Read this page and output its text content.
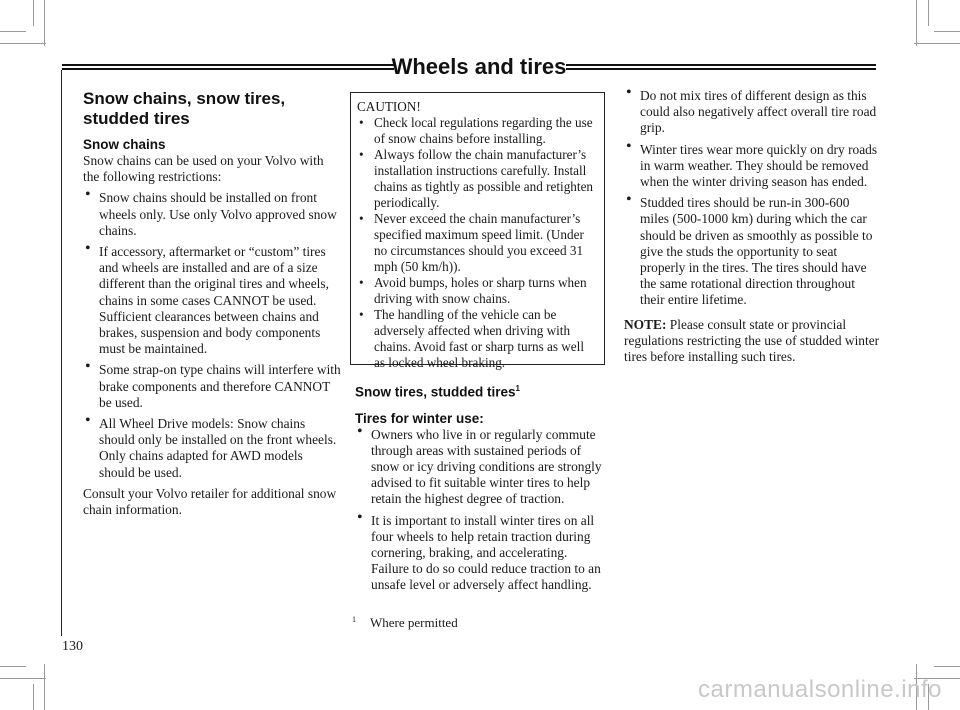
Wheels and tires
Snow chains, snow tires, studded tires
Snow chains

Snow chains can be used on your Volvo with the following restrictions:

• Snow chains should be installed on front wheels only. Use only Volvo approved snow chains.
• If accessory, aftermarket or “custom” tires and wheels are installed and are of a size different than the original tires and wheels, chains in some cases CANNOT be used. Sufficient clearances between chains and brakes, suspension and body components must be maintained.
• Some strap-on type chains will interfere with brake components and therefore CANNOT be used.
• All Wheel Drive models: Snow chains should only be installed on the front wheels. Only chains adapted for AWD models should be used.

Consult your Volvo retailer for additional snow chain information.

CAUTION!
• Check local regulations regarding the use of snow chains before installing.
• Always follow the chain manufacturer’s installation instructions carefully. Install chains as tightly as possible and retighten periodically.
• Never exceed the chain manufacturer’s specified maximum speed limit. (Under no circumstances should you exceed 31 mph (50 km/h)).
• Avoid bumps, holes or sharp turns when driving with snow chains.
• The handling of the vehicle can be adversely affected when driving with chains. Avoid fast or sharp turns as well as locked wheel braking.
Snow tires, studded tires$^1$
Tires for winter use:
• Owners who live in or regularly commute through areas with sustained periods of snow or icy driving conditions are strongly advised to fit suitable winter tires to help retain the highest degree of traction.
• It is important to install winter tires on all four wheels to help retain traction during cornering, braking, and accelerating. Failure to do so could reduce traction to an unsafe level or adversely affect handling.
$^1$ Where permitted
• Do not mix tires of different design as this could also negatively affect overall tire road grip.
• Winter tires wear more quickly on dry roads in warm weather. They should be removed when the winter driving season has ended.
• Studded tires should be run-in 300-600 miles (500-1000 km) during which the car should be driven as smoothly as possible to give the studs the opportunity to seat properly in the tires. The tires should have the same rotational direction throughout their entire lifetime.

NOTE: Please consult state or provincial regulations restricting the use of studded winter tires before installing such tires.

130
carmanualsonline.info
